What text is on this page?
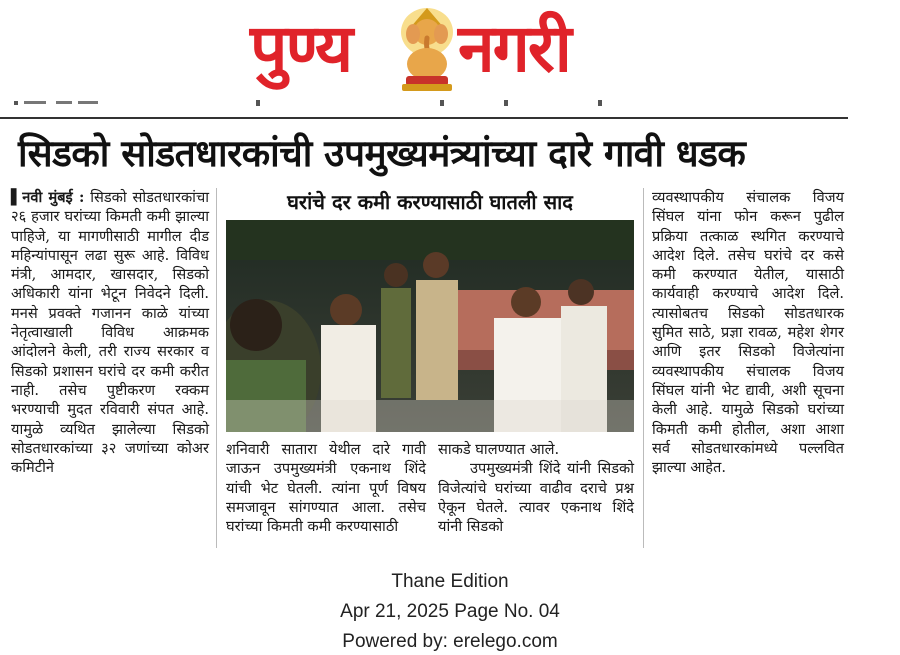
पुण्य नगरी
सिडको सोडतधारकांची उपमुख्यमंत्र्यांच्या दारे गावी धडक
▌नवी मुंबई : सिडको सोडतधारकांचा २६ हजार घरांच्या किमती कमी झाल्या पाहिजे, या मागणीसाठी मागील दीड महिन्यांपासून लढा सुरू आहे. विविध मंत्री, आमदार, खासदार, सिडको अधिकारी यांना भेटून निवेदने दिली. मनसे प्रवक्ते गजानन काळे यांच्या नेतृत्वाखाली विविध आक्रमक आंदोलने केली, तरी राज्य सरकार व सिडको प्रशासन घरांचे दर कमी करीत नाही. तसेच पुष्टीकरण रक्कम भरण्याची मुदत रविवारी संपत आहे. यामुळे व्यथित झालेल्या सिडको सोडतधारकांच्या ३२ जणांच्या कोअर कमिटीने
घरांचे दर कमी करण्यासाठी घातली साद
शनिवारी सातारा येथील दारे गावी जाऊन उपमुख्यमंत्री एकनाथ शिंदे यांची भेट घेतली. त्यांना पूर्ण विषय समजावून सांगण्यात आला. तसेच घरांच्या किमती कमी करण्यासाठी
साकडे घालण्यात आले.
उपमुख्यमंत्री शिंदे यांनी सिडको विजेत्यांचे घरांच्या वाढीव दराचे प्रश्न ऐकून घेतले. त्यावर एकनाथ शिंदे यांनी सिडको
व्यवस्थापकीय संचालक विजय सिंघल यांना फोन करून पुढील प्रक्रिया तत्काळ स्थगित करण्याचे आदेश दिले. तसेच घरांचे दर कसे कमी करण्यात येतील, यासाठी कार्यवाही करण्याचे आदेश दिले. त्यासोबतच सिडको सोडतधारक सुमित साठे, प्रज्ञा रावळ, महेश शेगर आणि इतर सिडको विजेत्यांना व्यवस्थापकीय संचालक विजय सिंघल यांनी भेट द्यावी, अशी सूचना केली आहे. यामुळे सिडको घरांच्या किमती कमी होतील, अशा आशा सर्व सोडतधारकांमध्ये पल्लवित झाल्या आहेत.
Thane Edition
Apr 21, 2025 Page No. 04
Powered by: erelego.com
